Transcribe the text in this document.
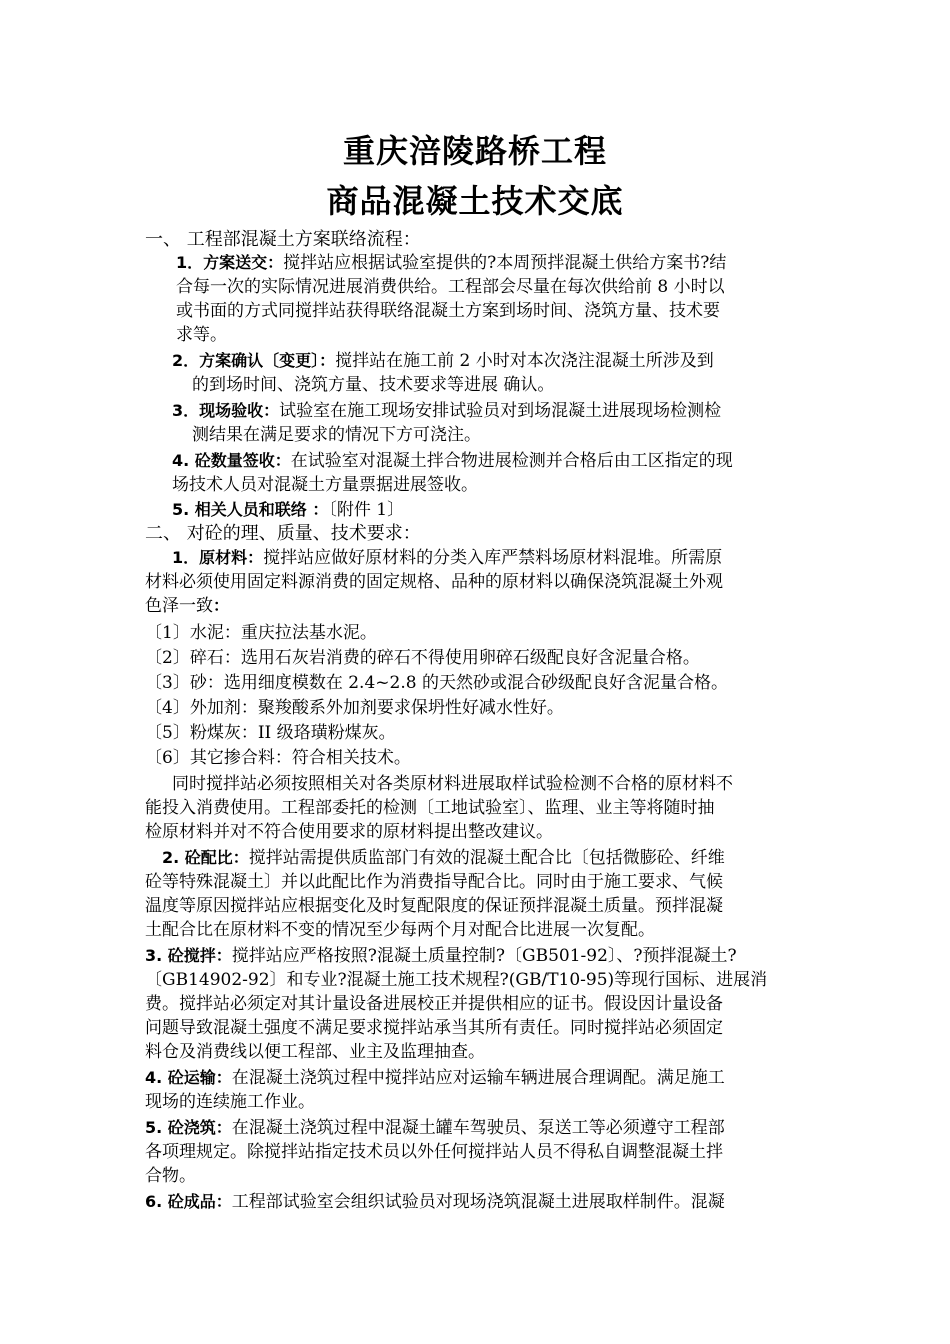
重庆涪陵路桥工程
商品混凝土技术交底
一、 工程部混凝土方案联络流程：
1．方案送交：搅拌站应根据试验室提供的?本周预拌混凝土供给方案书?结
合每一次的实际情况进展消费供给。工程部会尽量在每次供给前 8 小时以
或书面的方式同搅拌站获得联络混凝土方案到场时间、浇筑方量、技术要
求等。
2．方案确认〔变更〕：搅拌站在施工前 2 小时对本次浇注混凝土所涉及到
的到场时间、浇筑方量、技术要求等进展 确认。
3．现场验收：试验室在施工现场安排试验员对到场混凝土进展现场检测检
测结果在满足要求的情况下方可浇注。
4. 砼数量签收：在试验室对混凝土拌合物进展检测并合格后由工区指定的现
场技术人员对混凝土方量票据进展签收。
5. 相关人员和联络 ：〔附件 1〕
二、 对砼的理、质量、技术要求：
1．原材料：搅拌站应做好原材料的分类入库严禁料场原材料混堆。所需原
材料必须使用固定料源消费的固定规格、品种的原材料以确保浇筑混凝土外观
色泽一致：
〔1〕水泥：重庆拉法基水泥。
〔2〕碎石：选用石灰岩消费的碎石不得使用卵碎石级配良好含泥量合格。
〔3〕砂：选用细度模数在 2.4~2.8 的天然砂或混合砂级配良好含泥量合格。
〔4〕外加剂：聚羧酸系外加剂要求保坍性好减水性好。
〔5〕粉煤灰：II 级珞璜粉煤灰。
〔6〕其它掺合料：符合相关技术。
同时搅拌站必须按照相关对各类原材料进展取样试验检测不合格的原材料不
能投入消费使用。工程部委托的检测〔工地试验室〕、监理、业主等将随时抽
检原材料并对不符合使用要求的原材料提出整改建议。
2. 砼配比：搅拌站需提供质监部门有效的混凝土配合比〔包括微膨砼、纤维
砼等特殊混凝土〕并以此配比作为消费指导配合比。同时由于施工要求、气候
温度等原因搅拌站应根据变化及时复配限度的保证预拌混凝土质量。预拌混凝
土配合比在原材料不变的情况至少每两个月对配合比进展一次复配。
3. 砼搅拌：搅拌站应严格按照?混凝土质量控制?〔GB501-92〕、?预拌混凝土?
〔GB14902-92〕和专业?混凝土施工技术规程?(GB/T10-95)等现行国标、进展消
费。搅拌站必须定对其计量设备进展校正并提供相应的证书。假设因计量设备
问题导致混凝土强度不满足要求搅拌站承当其所有责任。同时搅拌站必须固定
料仓及消费线以便工程部、业主及监理抽查。
4. 砼运输：在混凝土浇筑过程中搅拌站应对运输车辆进展合理调配。满足施工
现场的连续施工作业。
5. 砼浇筑：在混凝土浇筑过程中混凝土罐车驾驶员、泵送工等必须遵守工程部
各项理规定。除搅拌站指定技术员以外任何搅拌站人员不得私自调整混凝土拌
合物。
6. 砼成品：工程部试验室会组织试验员对现场浇筑混凝土进展取样制件。混凝
